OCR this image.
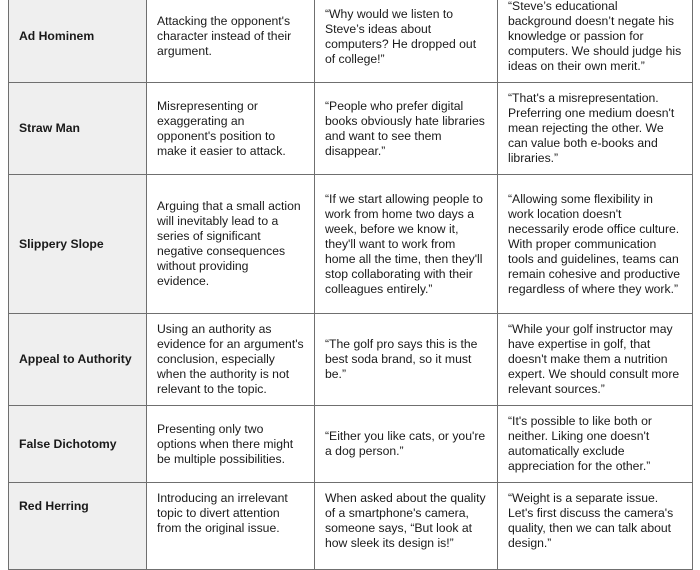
Ad Hominem	Attacking the opponent's character instead of their argument.	“Why would we listen to Steve’s ideas about computers? He dropped out of college!”	“Steve’s educational background doesn’t negate his knowledge or passion for computers. We should judge his ideas on their own merit.”
Straw Man	Misrepresenting or exaggerating an opponent's position to make it easier to attack.	“People who prefer digital books obviously hate libraries and want to see them disappear.”	“That's a misrepresentation. Preferring one medium doesn't mean rejecting the other. We can value both e-books and libraries.”
Slippery Slope	Arguing that a small action will inevitably lead to a series of significant negative consequences without providing evidence.	“If we start allowing people to work from home two days a week, before we know it, they'll want to work from home all the time, then they'll stop collaborating with their colleagues entirely.”	“Allowing some flexibility in work location doesn't necessarily erode office culture. With proper communication tools and guidelines, teams can remain cohesive and productive regardless of where they work.”
Appeal to Authority	Using an authority as evidence for an argument's conclusion, especially when the authority is not relevant to the topic.	“The golf pro says this is the best soda brand, so it must be.”	“While your golf instructor may have expertise in golf, that doesn't make them a nutrition expert. We should consult more relevant sources.”
False Dichotomy	Presenting only two options when there might be multiple possibilities.	“Either you like cats, or you're a dog person.”	“It's possible to like both or neither. Liking one doesn't automatically exclude appreciation for the other.”
Red Herring	Introducing an irrelevant topic to divert attention from the original issue.	When asked about the quality of a smartphone's camera, someone says, “But look at how sleek its design is!”	“Weight is a separate issue. Let's first discuss the camera's quality, then we can talk about design.”
